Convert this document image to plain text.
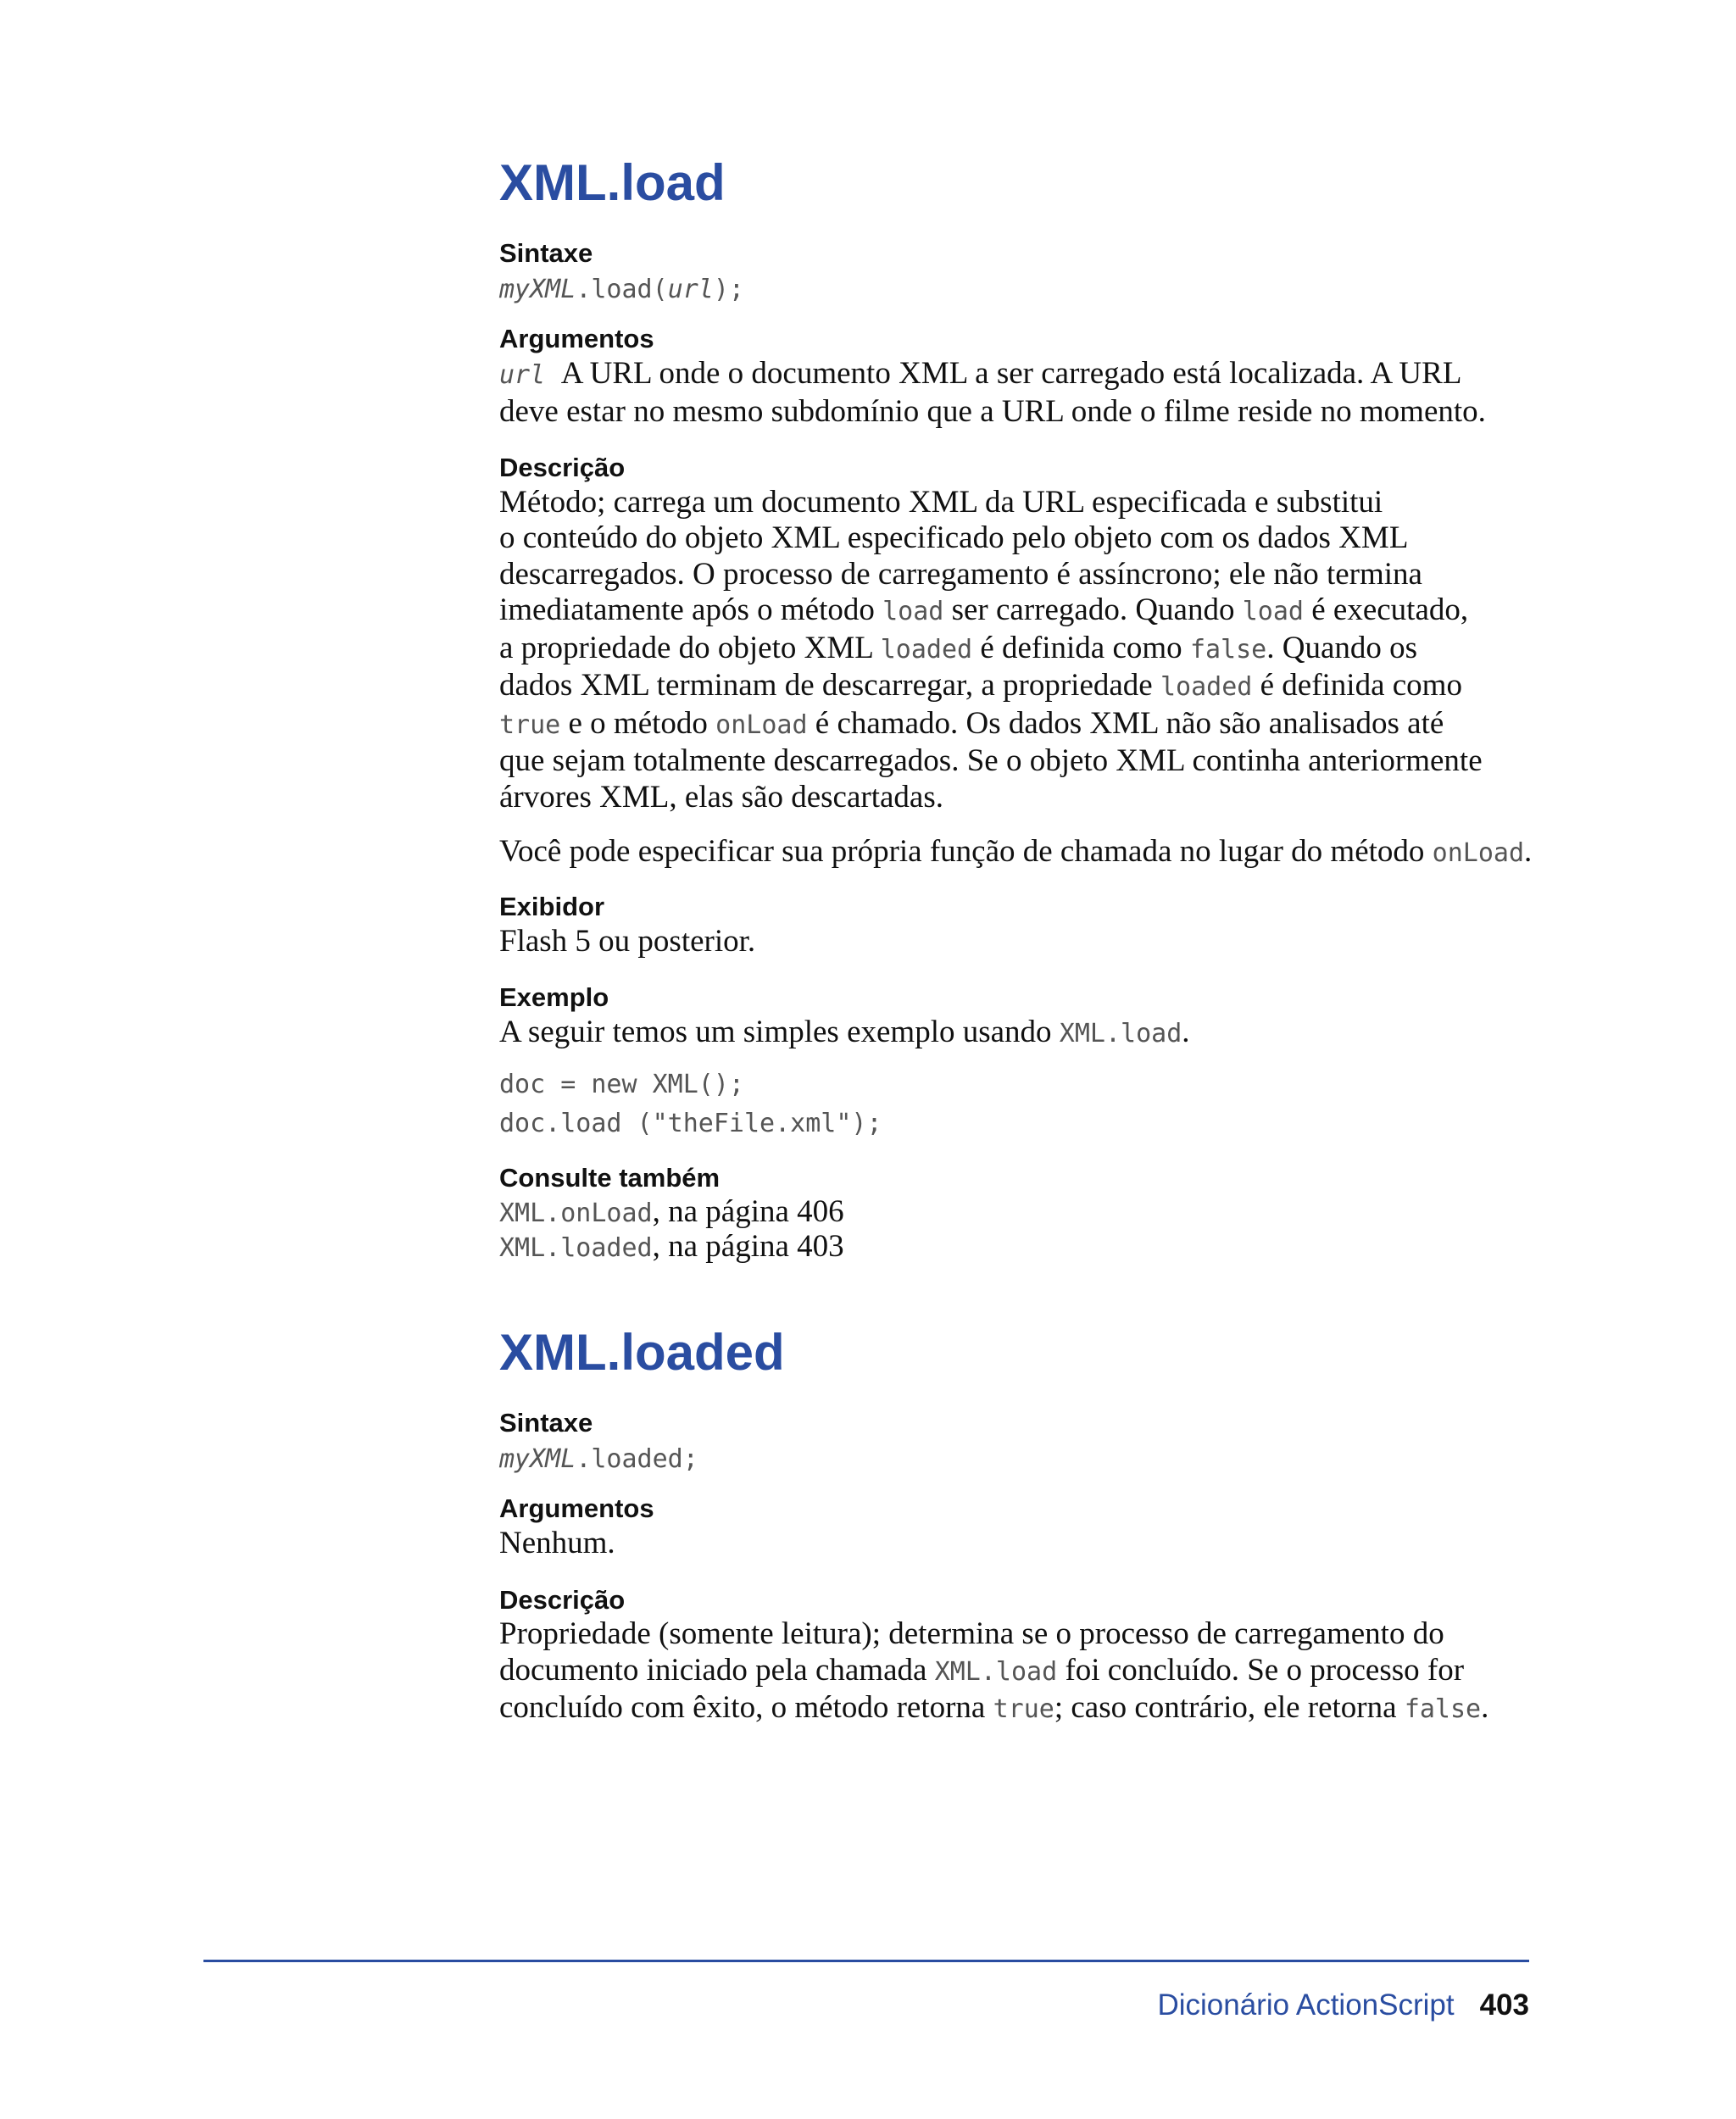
XML.load

Sintaxe

myXML.load(url);

Argumentos

url A URL onde o documento XML a ser carregado está localizada. A URL
deve estar no mesmo subdomínio que a URL onde o filme reside no momento.

Descrição

Método; carrega um documento XML da URL especificada e substitui
o conteúdo do objeto XML especificado pelo objeto com os dados XML
descarregados. O processo de carregamento é assíncrono; ele não termina
imediatamente após o método load ser carregado. Quando load é executado,
a propriedade do objeto XML loaded é definida como false. Quando os
dados XML terminam de descarregar, a propriedade loaded é definida como
true e o método onLoad é chamado. Os dados XML não são analisados até
que sejam totalmente descarregados. Se o objeto XML continha anteriormente
árvores XML, elas são descartadas.

Você pode especificar sua própria função de chamada no lugar do método onLoad.

Exibidor

Flash 5 ou posterior.

Exemplo

A seguir temos um simples exemplo usando XML.load.

doc = new XML();

doc.load ("theFile.xml");

Consulte também

XML.onLoad, na página 406
XML.loaded, na página 403

XML.loaded

Sintaxe

myXML.loaded;

Argumentos

Nenhum.

Descrição

Propriedade (somente leitura); determina se o processo de carregamento do
documento iniciado pela chamada XML.load foi concluído. Se o processo for
concluído com êxito, o método retorna true; caso contrário, ele retorna false.

Dicionário ActionScript 403
